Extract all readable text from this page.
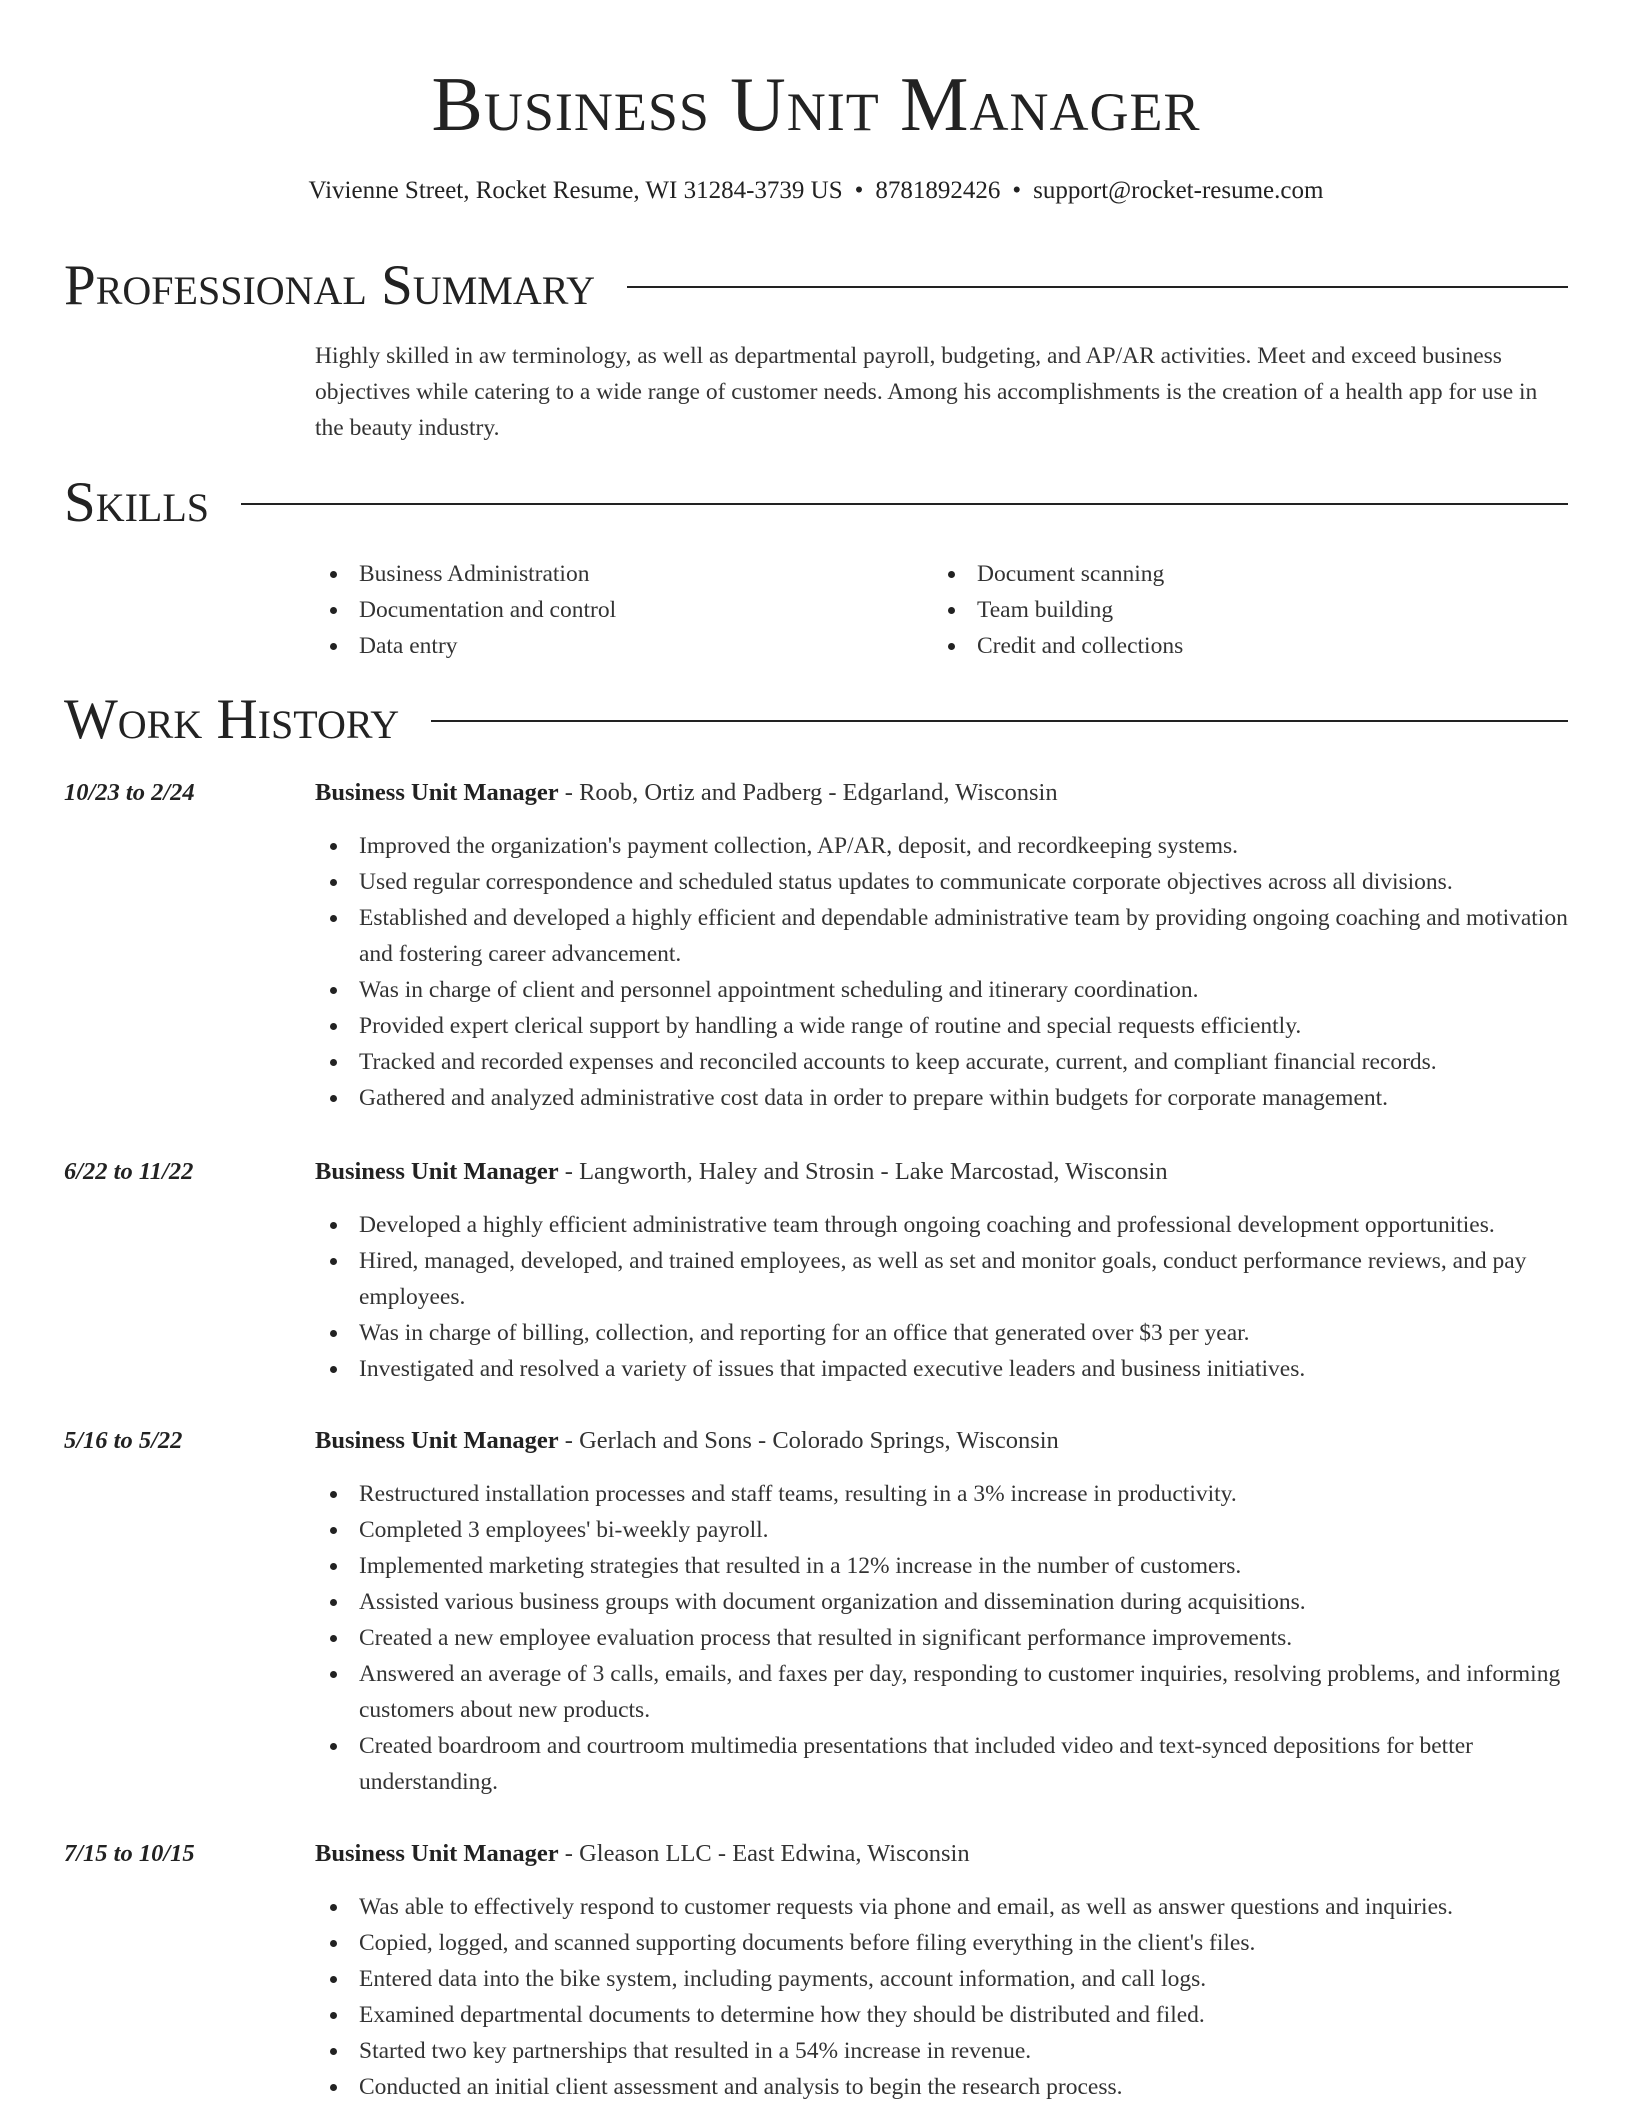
Business Unit Manager
Vivienne Street, Rocket Resume, WI 31284-3739 US • 8781892426 • support@rocket-resume.com
Professional Summary
Highly skilled in aw terminology, as well as departmental payroll, budgeting, and AP/AR activities. Meet and exceed business objectives while catering to a wide range of customer needs. Among his accomplishments is the creation of a health app for use in the beauty industry.
Skills
Business Administration
Documentation and control
Data entry
Document scanning
Team building
Credit and collections
Work History
10/23 to 2/24	Business Unit Manager - Roob, Ortiz and Padberg - Edgarland, Wisconsin
Improved the organization's payment collection, AP/AR, deposit, and recordkeeping systems.
Used regular correspondence and scheduled status updates to communicate corporate objectives across all divisions.
Established and developed a highly efficient and dependable administrative team by providing ongoing coaching and motivation and fostering career advancement.
Was in charge of client and personnel appointment scheduling and itinerary coordination.
Provided expert clerical support by handling a wide range of routine and special requests efficiently.
Tracked and recorded expenses and reconciled accounts to keep accurate, current, and compliant financial records.
Gathered and analyzed administrative cost data in order to prepare within budgets for corporate management.
6/22 to 11/22	Business Unit Manager - Langworth, Haley and Strosin - Lake Marcostad, Wisconsin
Developed a highly efficient administrative team through ongoing coaching and professional development opportunities.
Hired, managed, developed, and trained employees, as well as set and monitor goals, conduct performance reviews, and pay employees.
Was in charge of billing, collection, and reporting for an office that generated over $3 per year.
Investigated and resolved a variety of issues that impacted executive leaders and business initiatives.
5/16 to 5/22	Business Unit Manager - Gerlach and Sons - Colorado Springs, Wisconsin
Restructured installation processes and staff teams, resulting in a 3% increase in productivity.
Completed 3 employees' bi-weekly payroll.
Implemented marketing strategies that resulted in a 12% increase in the number of customers.
Assisted various business groups with document organization and dissemination during acquisitions.
Created a new employee evaluation process that resulted in significant performance improvements.
Answered an average of 3 calls, emails, and faxes per day, responding to customer inquiries, resolving problems, and informing customers about new products.
Created boardroom and courtroom multimedia presentations that included video and text-synced depositions for better understanding.
7/15 to 10/15	Business Unit Manager - Gleason LLC - East Edwina, Wisconsin
Was able to effectively respond to customer requests via phone and email, as well as answer questions and inquiries.
Copied, logged, and scanned supporting documents before filing everything in the client's files.
Entered data into the bike system, including payments, account information, and call logs.
Examined departmental documents to determine how they should be distributed and filed.
Started two key partnerships that resulted in a 54% increase in revenue.
Conducted an initial client assessment and analysis to begin the research process.
